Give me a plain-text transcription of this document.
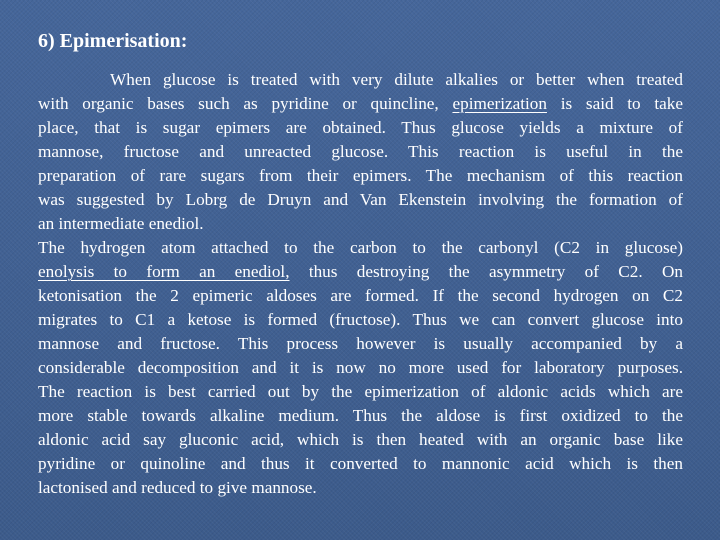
6) Epimerisation:
When glucose is treated with very dilute alkalies or better when treated
with organic bases such as pyridine or quincline, epimerization is said to take
place, that is sugar epimers are obtained. Thus glucose yields a mixture of
mannose, fructose and unreacted glucose. This reaction is useful in the
preparation of rare sugars from their epimers. The mechanism of this reaction
was suggested by Lobrg de Druyn and Van Ekenstein involving the formation of
an intermediate enediol.
The hydrogen atom attached to the carbon to the carbonyl (C2 in glucose)
enolysis to form an enediol, thus destroying the asymmetry of C2. On
ketonisation the 2 epimeric aldoses are formed. If the second hydrogen on C2
migrates to C1 a ketose is formed (fructose). Thus we can convert glucose into
mannose and fructose. This process however is usually accompanied by a
considerable decomposition and it is now no more used for laboratory purposes.
The reaction is best carried out by the epimerization of aldonic acids which are
more stable towards alkaline medium. Thus the aldose is first oxidized to the
aldonic acid say gluconic acid, which is then heated with an organic base like
pyridine or quinoline and thus it converted to mannonic acid which is then
lactonised and reduced to give mannose.
